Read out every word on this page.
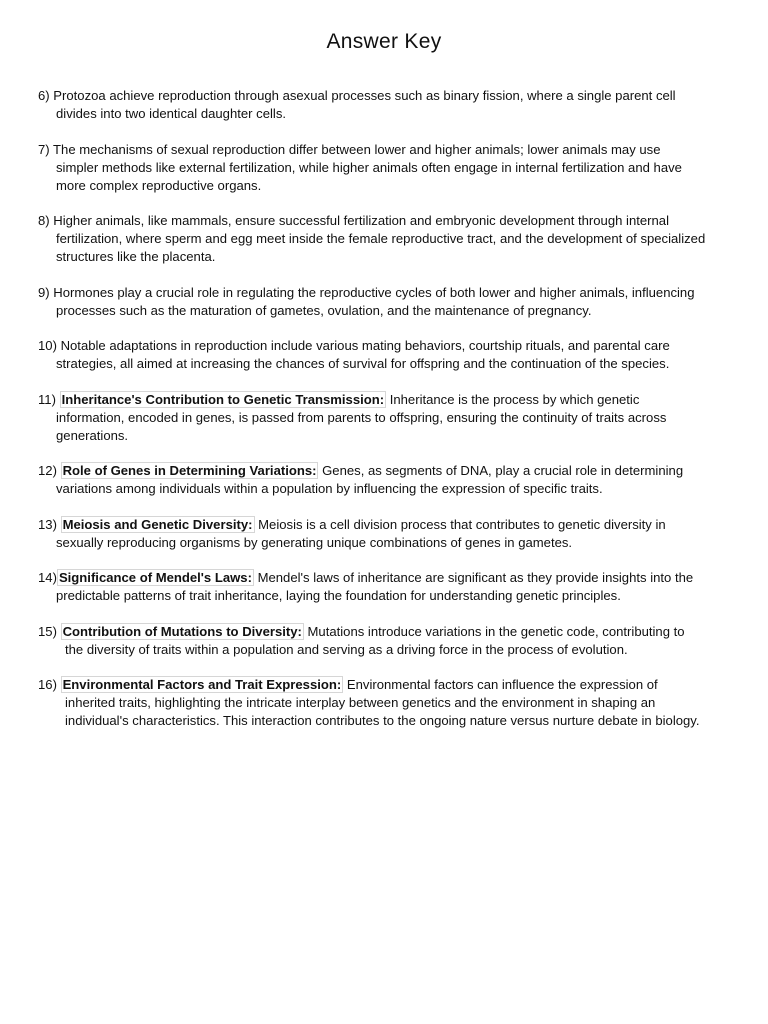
Answer Key

6) Protozoa achieve reproduction through asexual processes such as binary fission, where a single parent cell divides into two identical daughter cells.

7) The mechanisms of sexual reproduction differ between lower and higher animals; lower animals may use simpler methods like external fertilization, while higher animals often engage in internal fertilization and have more complex reproductive organs.

8) Higher animals, like mammals, ensure successful fertilization and embryonic development through internal fertilization, where sperm and egg meet inside the female reproductive tract, and the development of specialized structures like the placenta.

9) Hormones play a crucial role in regulating the reproductive cycles of both lower and higher animals, influencing processes such as the maturation of gametes, ovulation, and the maintenance of pregnancy.

10) Notable adaptations in reproduction include various mating behaviors, courtship rituals, and parental care strategies, all aimed at increasing the chances of survival for offspring and the continuation of the species.

11) Inheritance's Contribution to Genetic Transmission: Inheritance is the process by which genetic information, encoded in genes, is passed from parents to offspring, ensuring the continuity of traits across generations.

12) Role of Genes in Determining Variations: Genes, as segments of DNA, play a crucial role in determining variations among individuals within a population by influencing the expression of specific traits.

13) Meiosis and Genetic Diversity: Meiosis is a cell division process that contributes to genetic diversity in sexually reproducing organisms by generating unique combinations of genes in gametes.

14) Significance of Mendel's Laws: Mendel's laws of inheritance are significant as they provide insights into the predictable patterns of trait inheritance, laying the foundation for understanding genetic principles.

15) Contribution of Mutations to Diversity: Mutations introduce variations in the genetic code, contributing to the diversity of traits within a population and serving as a driving force in the process of evolution.

16) Environmental Factors and Trait Expression: Environmental factors can influence the expression of inherited traits, highlighting the intricate interplay between genetics and the environment in shaping an individual's characteristics. This interaction contributes to the ongoing nature versus nurture debate in biology.
